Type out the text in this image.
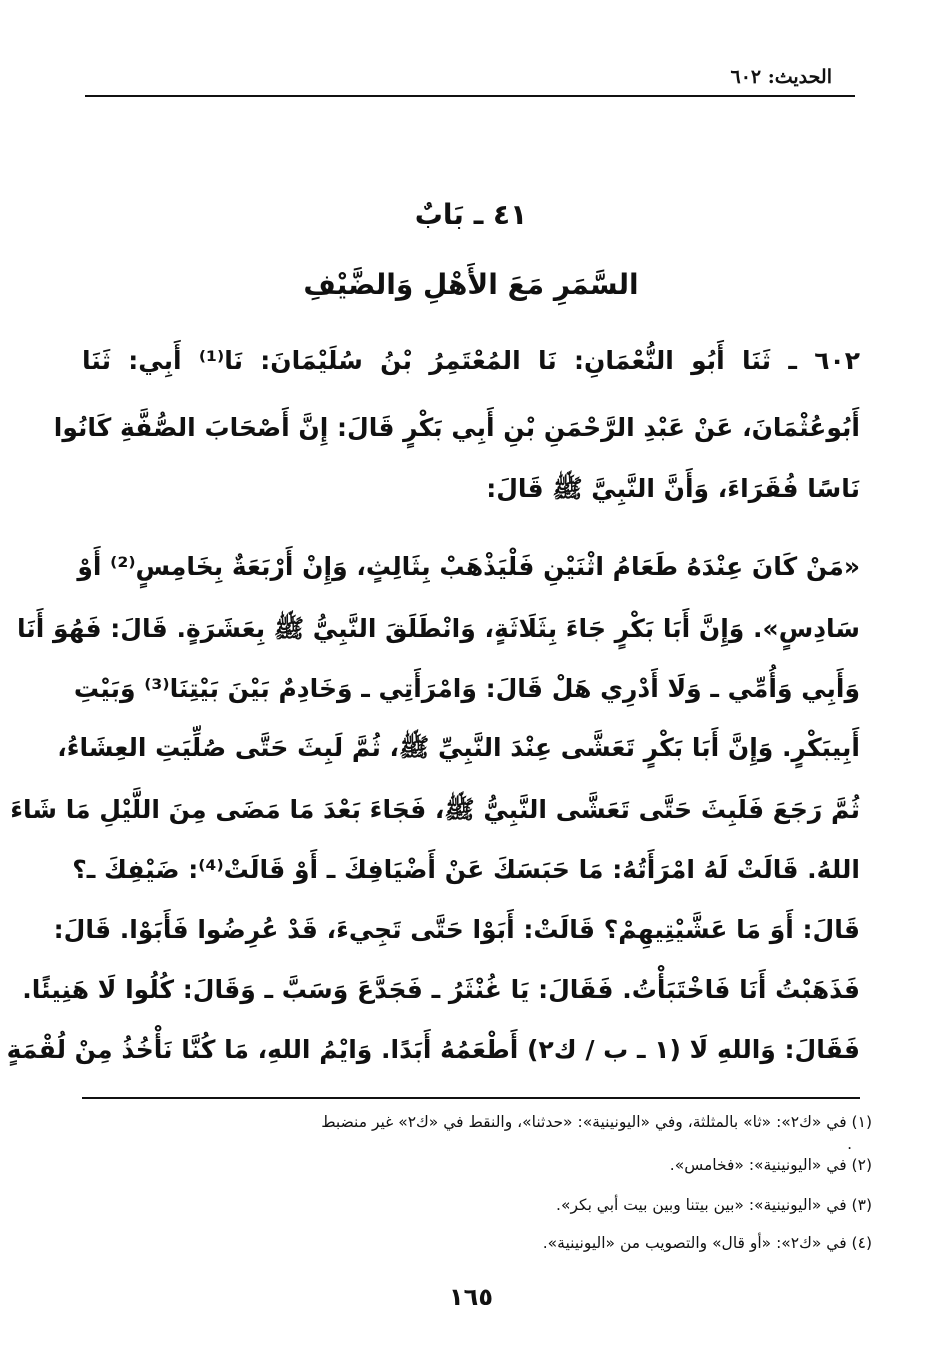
الحديث: ٦٠٢
٤١ ـ بَابٌ
السَّمَرِ مَعَ الأَهْلِ وَالضَّيْفِ
٦٠٢ ـ ثَنَا أَبُو النُّعْمَانِ: نَا المُعْتَمِرُ بْنُ سُلَيْمَانَ: نَا⁽¹⁾ أَبِي: ثَنَا
أَبُوعُثْمَانَ، عَنْ عَبْدِ الرَّحْمَنِ بْنِ أَبِي بَكْرٍ قَالَ: إِنَّ أَصْحَابَ الصُّفَّةِ كَانُوا
نَاسًا فُقَرَاءَ، وَأَنَّ النَّبِيَّ ﷺ قَالَ:
«مَنْ كَانَ عِنْدَهُ طَعَامُ اثْنَيْنِ فَلْيَذْهَبْ بِثَالِثٍ، وَإِنْ أَرْبَعَةٌ بِخَامِسٍ⁽²⁾ أَوْ
سَادِسٍ». وَإِنَّ أَبَا بَكْرٍ جَاءَ بِثَلَاثَةٍ، وَانْطَلَقَ النَّبِيُّ ﷺ بِعَشَرَةٍ. قَالَ: فَهُوَ أَنَا
وَأَبِي وَأُمِّي ـ وَلَا أَدْرِي هَلْ قَالَ: وَامْرَأَتِي ـ وَخَادِمٌ بَيْنَ بَيْتِنَا⁽³⁾ وَبَيْتِ
أَبِيبَكْرٍ. وَإِنَّ أَبَا بَكْرٍ تَعَشَّى عِنْدَ النَّبِيِّ ﷺ، ثُمَّ لَبِثَ حَتَّى صُلِّيَتِ العِشَاءُ،
ثُمَّ رَجَعَ فَلَبِثَ حَتَّى تَعَشَّى النَّبِيُّ ﷺ، فَجَاءَ بَعْدَ مَا مَضَى مِنَ اللَّيْلِ مَا شَاءَ
اللهُ. قَالَتْ لَهُ امْرَأَتُهُ: مَا حَبَسَكَ عَنْ أَضْيَافِكَ ـ أَوْ قَالَتْ⁽⁴⁾: ضَيْفِكَ ـ؟
قَالَ: أَوَ مَا عَشَّيْتِيهِمْ؟ قَالَتْ: أَبَوْا حَتَّى تَجِيءَ، قَدْ عُرِضُوا فَأَبَوْا. قَالَ:
فَذَهَبْتُ أَنَا فَاخْتَبَأْتُ. فَقَالَ: يَا غُنْثَرُ ـ فَجَدَّعَ وَسَبَّ ـ وَقَالَ: كُلُوا لَا هَنِيئًا.
فَقَالَ: وَاللهِ لَا (١ ـ ب / ك٢) أَطْعَمُهُ أَبَدًا. وَايْمُ اللهِ، مَا كُنَّا نَأْخُذُ مِنْ لُقْمَةٍ
(١) في «ك٢»: «ثا» بالمثلثة، وفي «اليونينية»: «حدثنا»، والنقط في «ك٢» غير منضبط
.
(٢) في «اليونينية»: «فخامس».
(٣) في «اليونينية»: «بين بيتنا وبين بيت أبي بكر».
(٤) في «ك٢»: «أو قال» والتصويب من «اليونينية».
١٦٥
